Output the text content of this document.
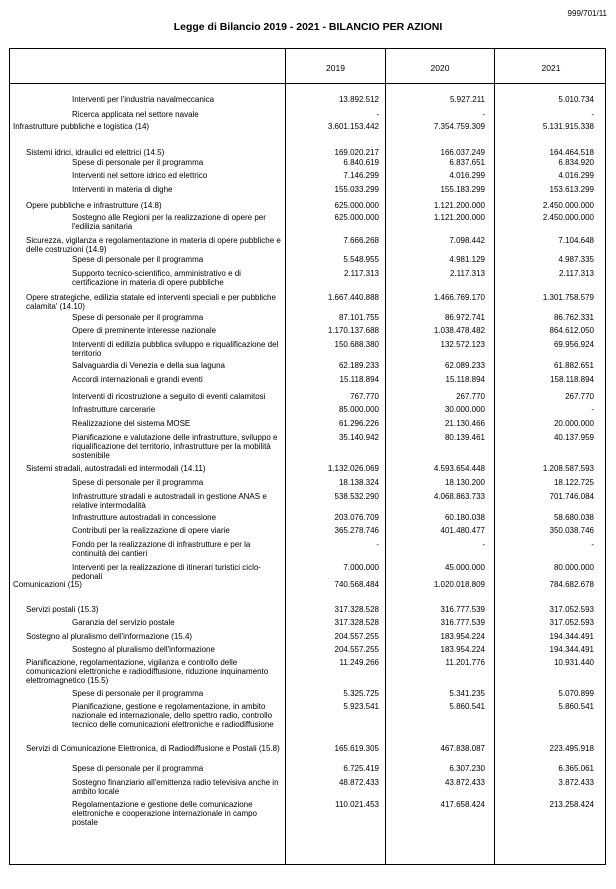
999/701/11
Legge di Bilancio 2019 - 2021 - BILANCIO PER AZIONI
2019	2020	2021
Interventi per l'industria navalmeccanica	13.892.512	5.927.211	5.010.734
Ricerca applicata nel settore navale	-	-	-
Infrastrutture pubbliche e logistica (14)	3.601.153.442	7.354.759.309	5.131.915.338
Sistemi idrici, idraulici ed elettrici (14.5)	169.020.217	166.037.249	164.464.518
Spese di personale per il programma	6.840.619	6.837.651	6.834.920
Interventi nel settore idrico ed elettrico	7.146.299	4.016.299	4.016.299
Interventi in materia di dighe	155.033.299	155.183.299	153.613.299
Opere pubbliche e infrastrutture (14.8)	625.000.000	1.121.200.000	2.450.000.000
Sostegno alle Regioni per la realizzazione di opere per l'edilizia sanitaria
625.000.000	1.121.200.000	2.450.000.000
Sicurezza, vigilanza e regolamentazione in materia di opere pubbliche e delle costruzioni (14.9)
7.666.268	7.098.442	7.104.648
Spese di personale per il programma	5.548.955	4.981.129	4.987.335
Supporto tecnico-scientifico, amministrativo e di certificazione in materia di opere pubbliche
2.117.313	2.117.313	2.117.313
Opere strategiche, edilizia statale ed interventi speciali e per pubbliche calamita' (14.10)
1.667.440.888	1.466.769.170	1.301.758.579
Spese di personale per il programma	87.101.755	86.972.741	86.762.331
Opere di preminente interesse nazionale	1.170.137.688	1.038.478.482	864.612.050
Interventi di edilizia pubblica sviluppo e riqualificazione del territorio
150.688.380	132.572.123	69.956.924
Salvaguardia di Venezia e della sua laguna	62.189.233	62.089.233	61.882.651
Accordi internazionali e grandi eventi	15.118.894	15.118.894	158.118.894
Interventi di ricostruzione a seguito di eventi calamitosi	767.770	267.770	267.770
Infrastrutture carcerarie	85.000.000	30.000.000	-
Realizzazione del sistema MOSE	61.296.226	21.130.466	20.000.000
Pianificazione e valutazione delle infrastrutture, sviluppo e riqualificazione del territorio, infrastrutture per la mobilità sostenibile
35.140.942	80.139.461	40.137.959
Sistemi stradali, autostradali ed intermodali (14.11)	1.132.026.069	4.593.654.448	1.208.587.593
Spese di personale per il programma	18.138.324	18.130.200	18.122.725
Infrastrutture stradali e autostradali in gestione ANAS e relative intermodalità
538.532.290	4.068.863.733	701.746.084
Infrastrutture autostradali in concessione	203.076.709	60.180.038	58.680.038
Contributi per la realizzazione di opere viarie	365.278.746	401.480.477	350.038.746
Fondo per la realizzazione di infrastrutture e per la continuità dei cantieri
-	-	-
Interventi per la realizzazione di itinerari turistici ciclo-pedonali
7.000.000	45.000.000	80.000.000
Comunicazioni (15)	740.568.484	1.020.018.809	784.682.678
Servizi postali (15.3)	317.328.528	316.777.539	317.052.593
Garanzia del servizio postale	317.328.528	316.777.539	317.052.593
Sostegno al pluralismo dell'informazione (15.4)	204.557.255	183.954.224	194.344.491
Sostegno al pluralismo dell'informazione	204.557.255	183.954.224	194.344.491
Pianificazione, regolamentazione, vigilanza e controllo delle comunicazioni elettroniche e radiodiffusione, riduzione inquinamento elettromagnetico (15.5)
11.249.266	11.201.776	10.931.440
Spese di personale per il programma	5.325.725	5.341.235	5.070.899
Pianificazione, gestione e regolamentazione, in ambito nazionale ed internazionale, dello spettro radio, controllo tecnico delle comunicazioni elettroniche e radiodiffusione
5.923.541	5.860.541	5.860.541
Servizi di Comunicazione Elettronica, di Radiodiffusione e Postali (15.8)	165.619.305	467.838.087	223.495.918
Spese di personale per il programma	6.725.419	6.307.230	6.365.061
Sostegno finanziario all'emittenza radio televisiva anche in ambito locale
48.872.433	43.872.433	3.872.433
Regolamentazione e gestione delle comunicazione elettroniche e cooperazione internazionale in campo postale
110.021.453	417.658.424	213.258.424
